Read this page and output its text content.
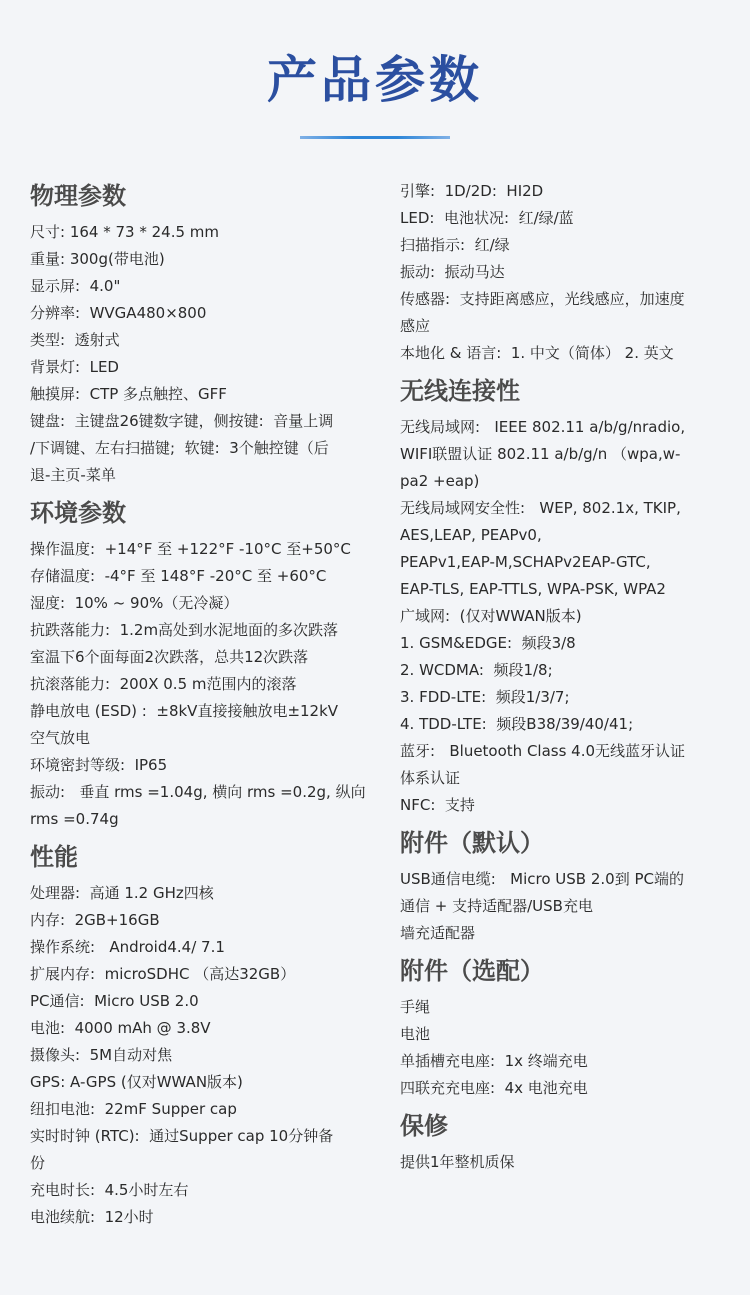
产品参数
物理参数
尺寸: 164 * 73 * 24.5 mm
重量: 300g(带电池)
显示屏:  4.0"
分辨率:  WVGA480×800
类型:  透射式
背景灯:  LED
触摸屏:  CTP 多点触控、GFF
键盘:  主键盘26键数字键，侧按键:  音量上调
/下调键、左右扫描键;  软键:  3个触控键（后
退-主页-菜单
环境参数
操作温度:  +14°F 至 +122°F -10°C 至+50°C
存储温度:  -4°F 至 148°F -20°C 至 +60°C
湿度:  10% ~ 90%（无冷凝）
抗跌落能力:  1.2m高处到水泥地面的多次跌落
室温下6个面每面2次跌落，总共12次跌落
抗滚落能力:  200X 0.5 m范围内的滚落
静电放电 (ESD) :  ±8kV直接接触放电±12kV
空气放电
环境密封等级:  IP65
振动:   垂直 rms =1.04g, 横向 rms =0.2g, 纵向
rms =0.74g
性能
处理器:  高通 1.2 GHz四核
内存:  2GB+16GB
操作系统:   Android4.4/ 7.1
扩展内存:  microSDHC （高达32GB）
PC通信:  Micro USB 2.0
电池:  4000 mAh @ 3.8V
摄像头:  5M自动对焦
GPS: A-GPS (仅对WWAN版本)
纽扣电池:  22mF Supper cap
实时时钟 (RTC):  通过Supper cap 10分钟备
份
充电时长:  4.5小时左右
电池续航:  12小时
引擎:  1D/2D:  HI2D
LED:  电池状况:  红/绿/蓝
扫描指示:  红/绿
振动:  振动马达
传感器:  支持距离感应，光线感应，加速度
感应
本地化 & 语言:  1. 中文（简体） 2. 英文
无线连接性
无线局域网:   IEEE 802.11 a/b/g/nradio,
WIFI联盟认证 802.11 a/b/g/n （wpa,w-
pa2 +eap)
无线局域网安全性:   WEP, 802.1x, TKIP,
AES,LEAP, PEAPv0,
PEAPv1,EAP-M,SCHAPv2EAP-GTC,
EAP-TLS, EAP-TTLS, WPA-PSK, WPA2
广域网:  (仅对WWAN版本)
1. GSM&EDGE:  频段3/8
2. WCDMA:  频段1/8;
3. FDD-LTE:  频段1/3/7;
4. TDD-LTE:  频段B38/39/40/41;
蓝牙:   Bluetooth Class 4.0无线蓝牙认证
体系认证
NFC:  支持
附件（默认）
USB通信电缆:   Micro USB 2.0到 PC端的
通信 + 支持适配器/USB充电
墙充适配器
附件（选配）
手绳
电池
单插槽充电座:  1x 终端充电
四联充充电座:  4x 电池充电
保修
提供1年整机质保
